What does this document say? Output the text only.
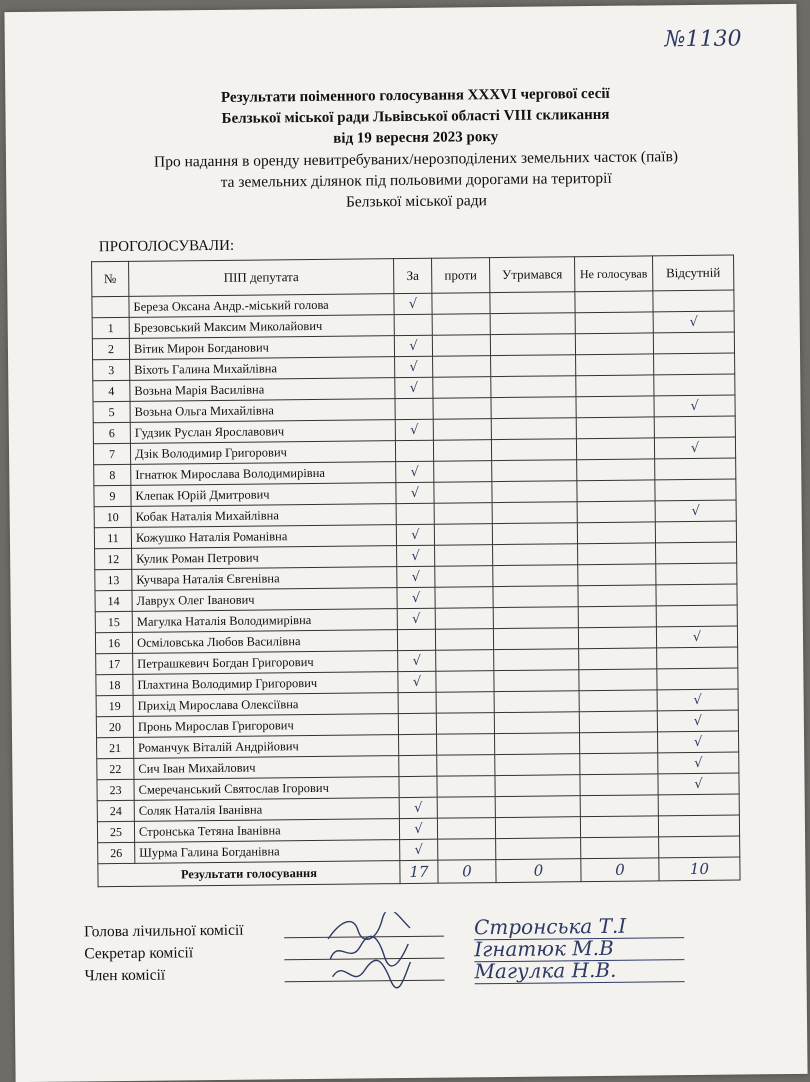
№1130
Результати поіменного голосування XXXVI чергової сесії
Белзької міської ради Львівської області VIII скликання
від 19 вересня 2023 року
Про надання в оренду невитребуваних/нерозподілених земельних часток (паїв)
та земельних ділянок під польовими дорогами на території
Белзької міської ради
ПРОГОЛОСУВАЛИ:
№	ПІП депутата	За	проти	Утримався	Не голосував	Відсутній
	Береза Оксана Андр.-міський голова	√				
1	Брезовський Максим Миколайович					√
2	Вітик Мирон Богданович	√				
3	Віхоть Галина Михайлівна	√				
4	Возьна Марія Василівна	√				
5	Возьна Ольга Михайлівна					√
6	Гудзик Руслан Ярославович	√				
7	Дзік Володимир Григорович					√
8	Ігнатюк Мирослава Володимирівна	√				
9	Клепак Юрій Дмитрович	√				
10	Кобак Наталія Михайлівна					√
11	Кожушко Наталія Романівна	√				
12	Кулик Роман Петрович	√				
13	Кучвара Наталія Євгенівна	√				
14	Лаврух Олег Іванович	√				
15	Магулка Наталія Володимирівна	√				
16	Осміловська Любов Василівна					√
17	Петрашкевич Богдан Григорович	√				
18	Плахтина Володимир Григорович	√				
19	Прихід Мирослава Олексіївна					√
20	Пронь Мирослав Григорович					√
21	Романчук Віталій Андрійович					√
22	Сич Іван Михайлович					√
23	Смеречанський Святослав Ігорович					√
24	Соляк Наталія Іванівна	√				
25	Стронська Тетяна Іванівна	√				
26	Шурма Галина Богданівна	√				
Результати голосування		17	0	0	0	10
Голова лічильної комісії	Стронська Т.І
Секретар комісії	Ігнатюк М.В
Член комісії	Магулка Н.В.
